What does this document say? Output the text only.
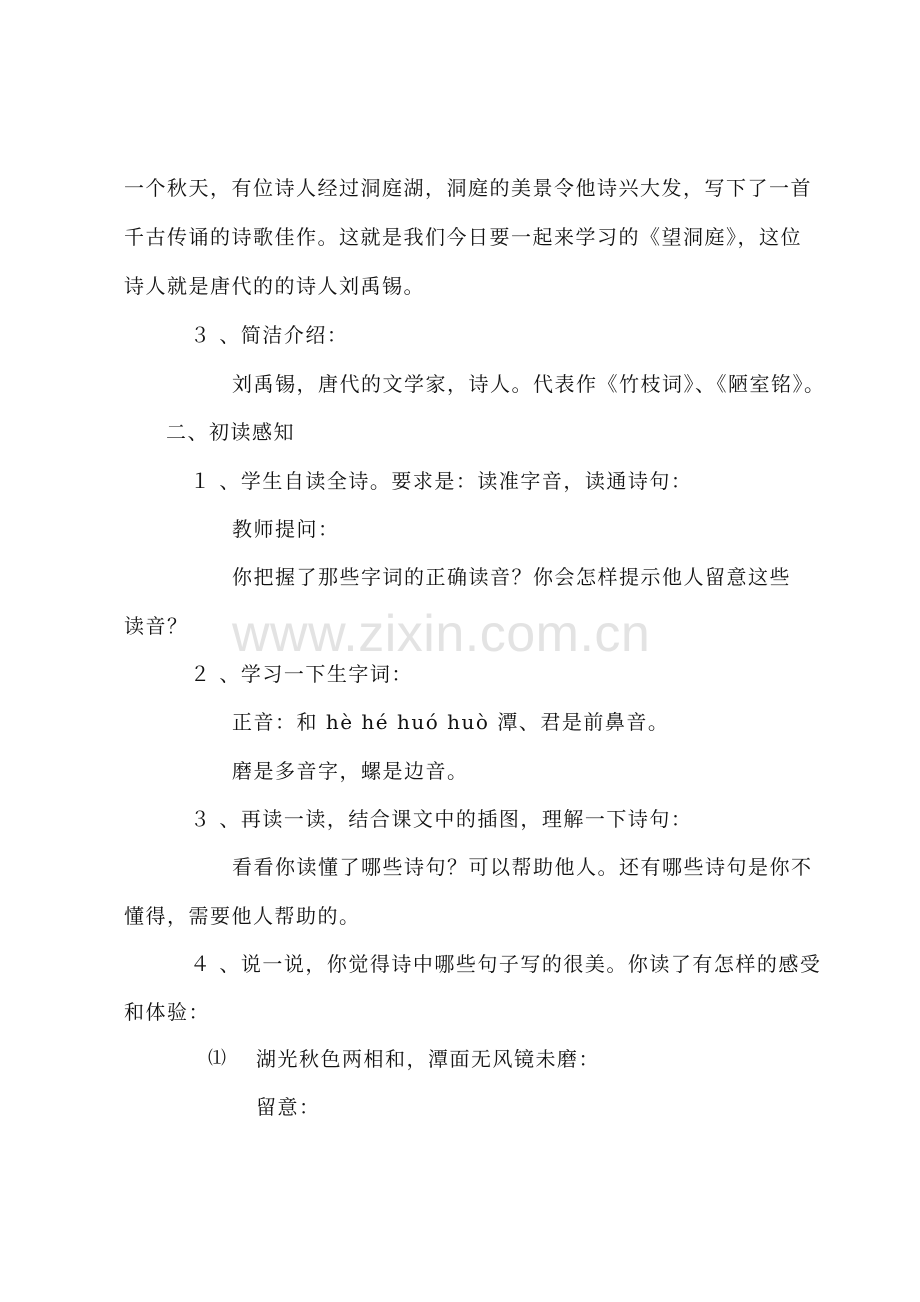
www.zixin.com.cn
一个秋天，有位诗人经过洞庭湖，洞庭的美景令他诗兴大发，写下了一首
千古传诵的诗歌佳作。这就是我们今日要一起来学习的《望洞庭》，这位
诗人就是唐代的的诗人刘禹锡。
３ 、简洁介绍：
刘禹锡，唐代的文学家，诗人。代表作《竹枝词》、《陋室铭》。
二、初读感知
１ 、学生自读全诗。要求是：读准字音，读通诗句：
教师提问：
你把握了那些字词的正确读音？你会怎样提示他人留意这些
读音？
２ 、学习一下生字词：
正音：和 hè hé huó huò 潭、君是前鼻音。
磨是多音字，螺是边音。
３ 、再读一读，结合课文中的插图，理解一下诗句：
看看你读懂了哪些诗句？可以帮助他人。还有哪些诗句是你不
懂得，需要他人帮助的。
４ 、说一说，你觉得诗中哪些句子写的很美。你读了有怎样的感受
和体验：
⑴ 湖光秋色两相和，潭面无风镜未磨：
留意：
